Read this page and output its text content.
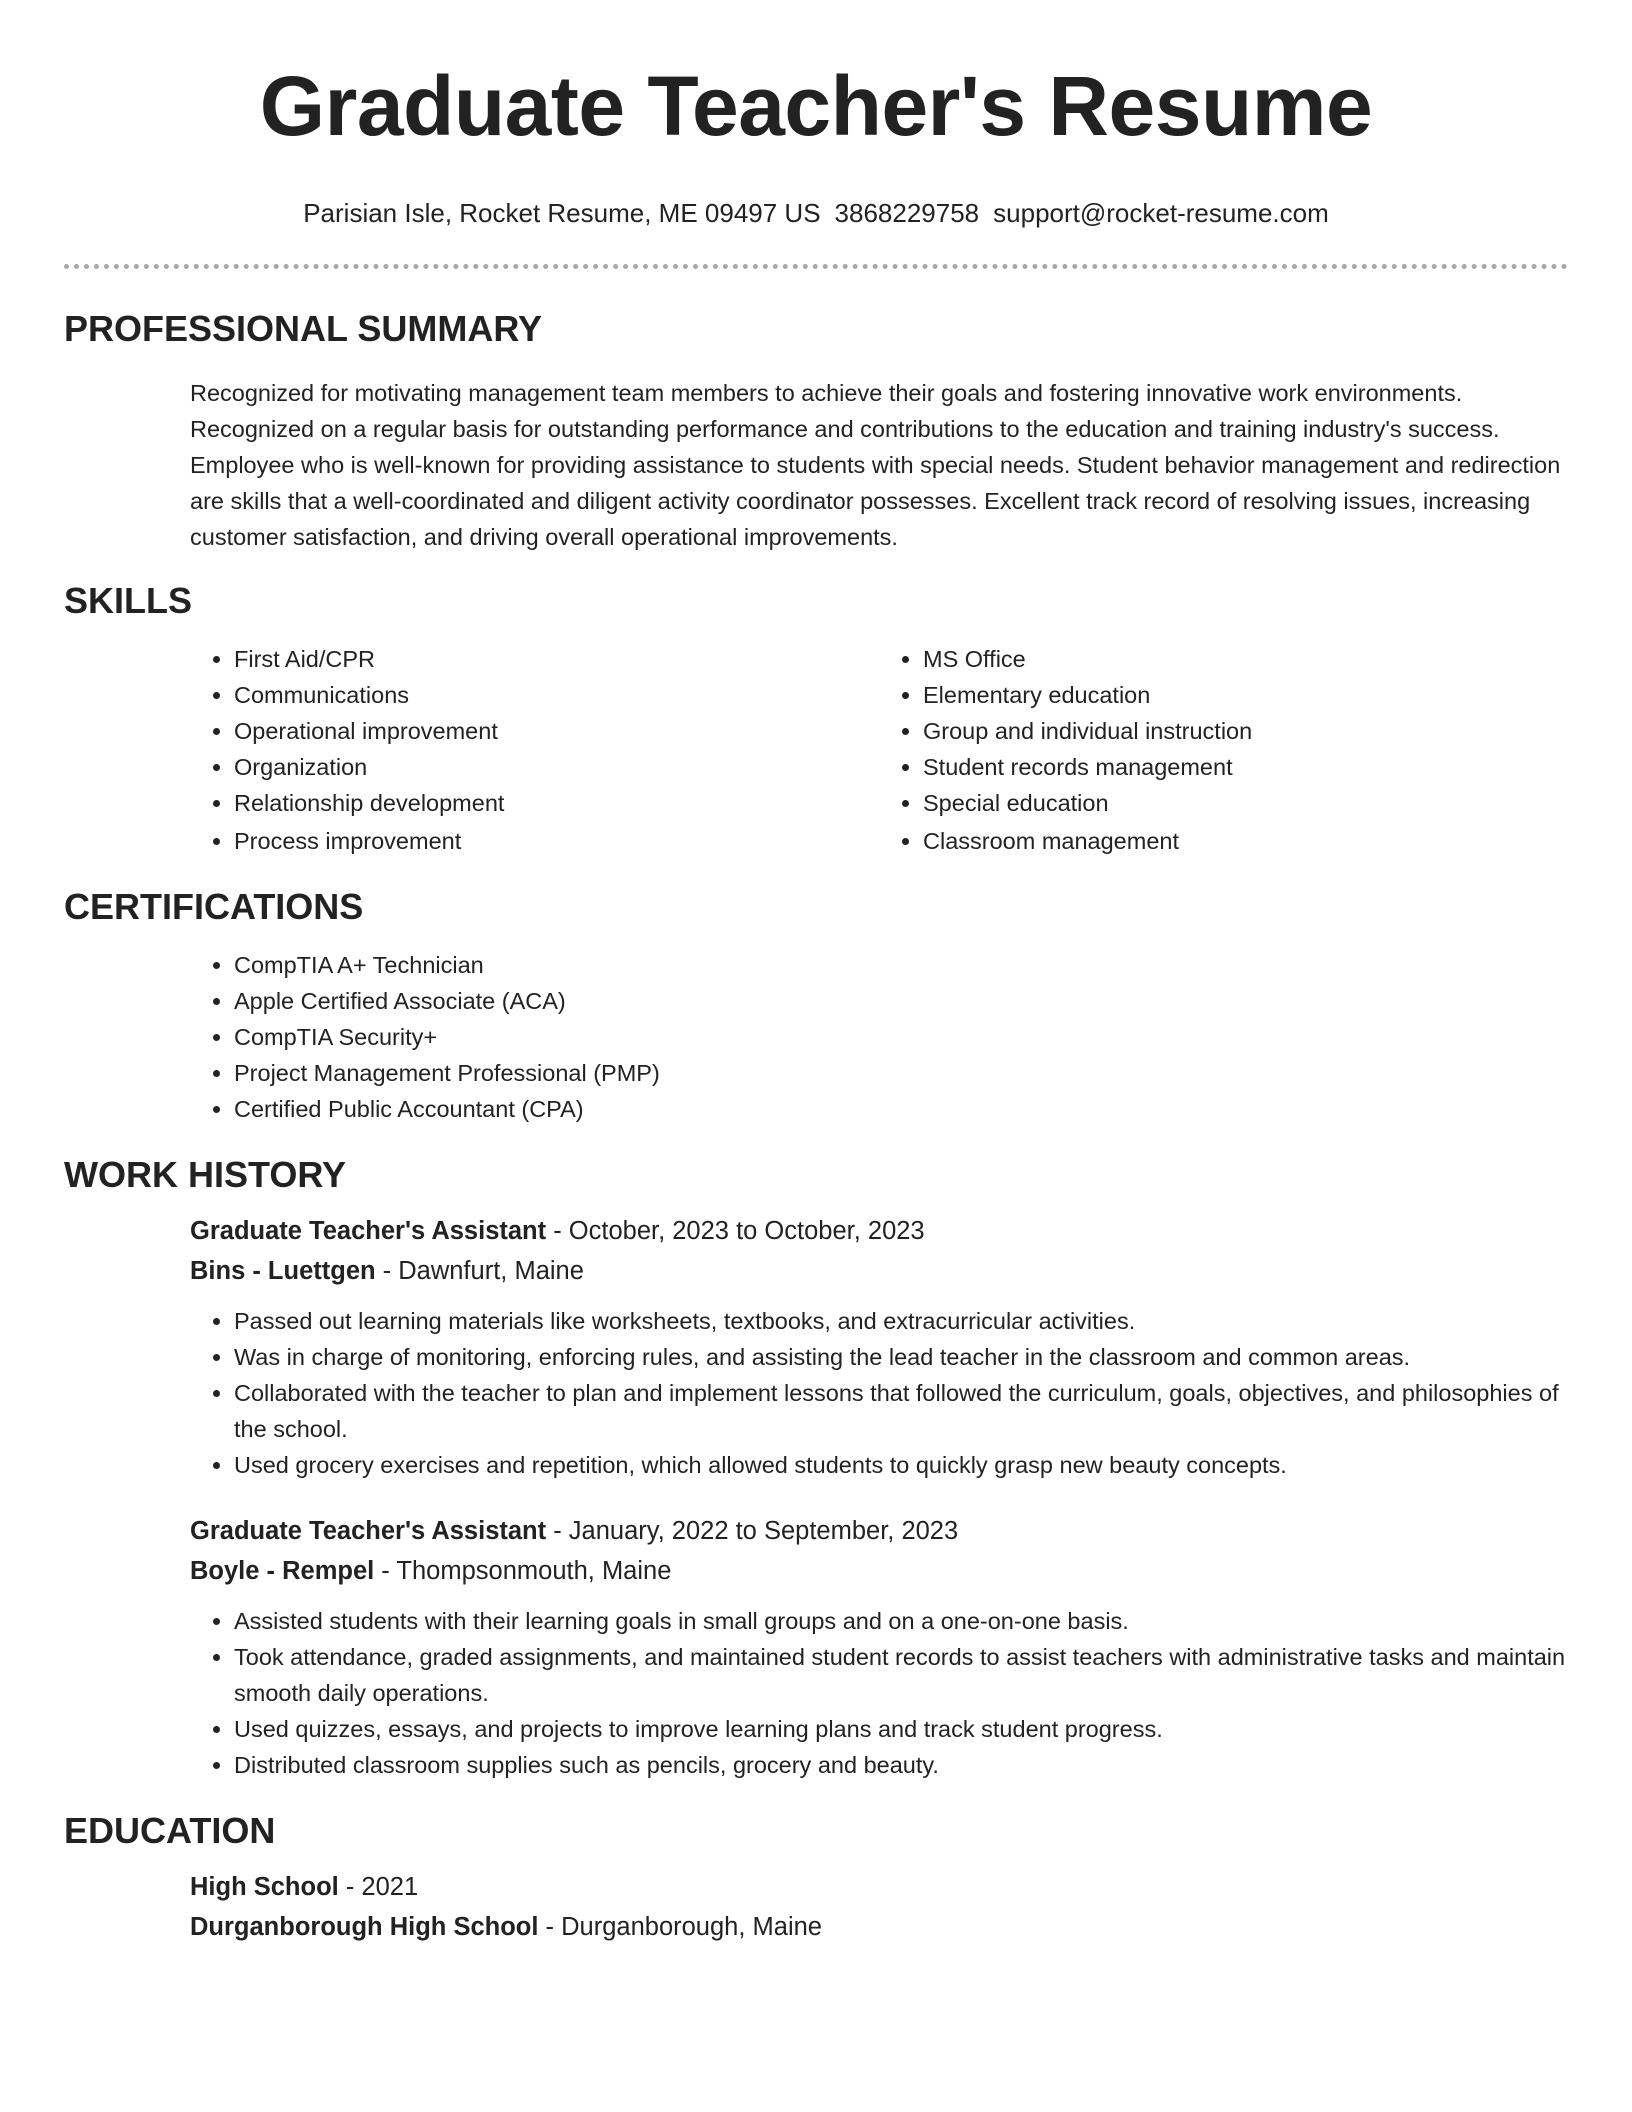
Graduate Teacher's Resume
Parisian Isle, Rocket Resume, ME 09497 US 3868229758 support@rocket-resume.com
PROFESSIONAL SUMMARY

Recognized for motivating management team members to achieve their goals and fostering innovative work environments. Recognized on a regular basis for outstanding performance and contributions to the education and training industry's success. Employee who is well-known for providing assistance to students with special needs. Student behavior management and redirection are skills that a well-coordinated and diligent activity coordinator possesses. Excellent track record of resolving issues, increasing customer satisfaction, and driving overall operational improvements.

SKILLS
• First Aid/CPR
• Communications
• Operational improvement
• Organization
• Relationship development
• Process improvement
• MS Office
• Elementary education
• Group and individual instruction
• Student records management
• Special education
• Classroom management
CERTIFICATIONS
• CompTIA A+ Technician
• Apple Certified Associate (ACA)
• CompTIA Security+
• Project Management Professional (PMP)
• Certified Public Accountant (CPA)
WORK HISTORY
Graduate Teacher's Assistant - October, 2023 to October, 2023
Bins - Luettgen - Dawnfurt, Maine
• Passed out learning materials like worksheets, textbooks, and extracurricular activities.
• Was in charge of monitoring, enforcing rules, and assisting the lead teacher in the classroom and common areas.
• Collaborated with the teacher to plan and implement lessons that followed the curriculum, goals, objectives, and philosophies of the school.
• Used grocery exercises and repetition, which allowed students to quickly grasp new beauty concepts.
Graduate Teacher's Assistant - January, 2022 to September, 2023
Boyle - Rempel - Thompsonmouth, Maine
• Assisted students with their learning goals in small groups and on a one-on-one basis.
• Took attendance, graded assignments, and maintained student records to assist teachers with administrative tasks and maintain smooth daily operations.
• Used quizzes, essays, and projects to improve learning plans and track student progress.
• Distributed classroom supplies such as pencils, grocery and beauty.
EDUCATION
High School - 2021
Durganborough High School - Durganborough, Maine
